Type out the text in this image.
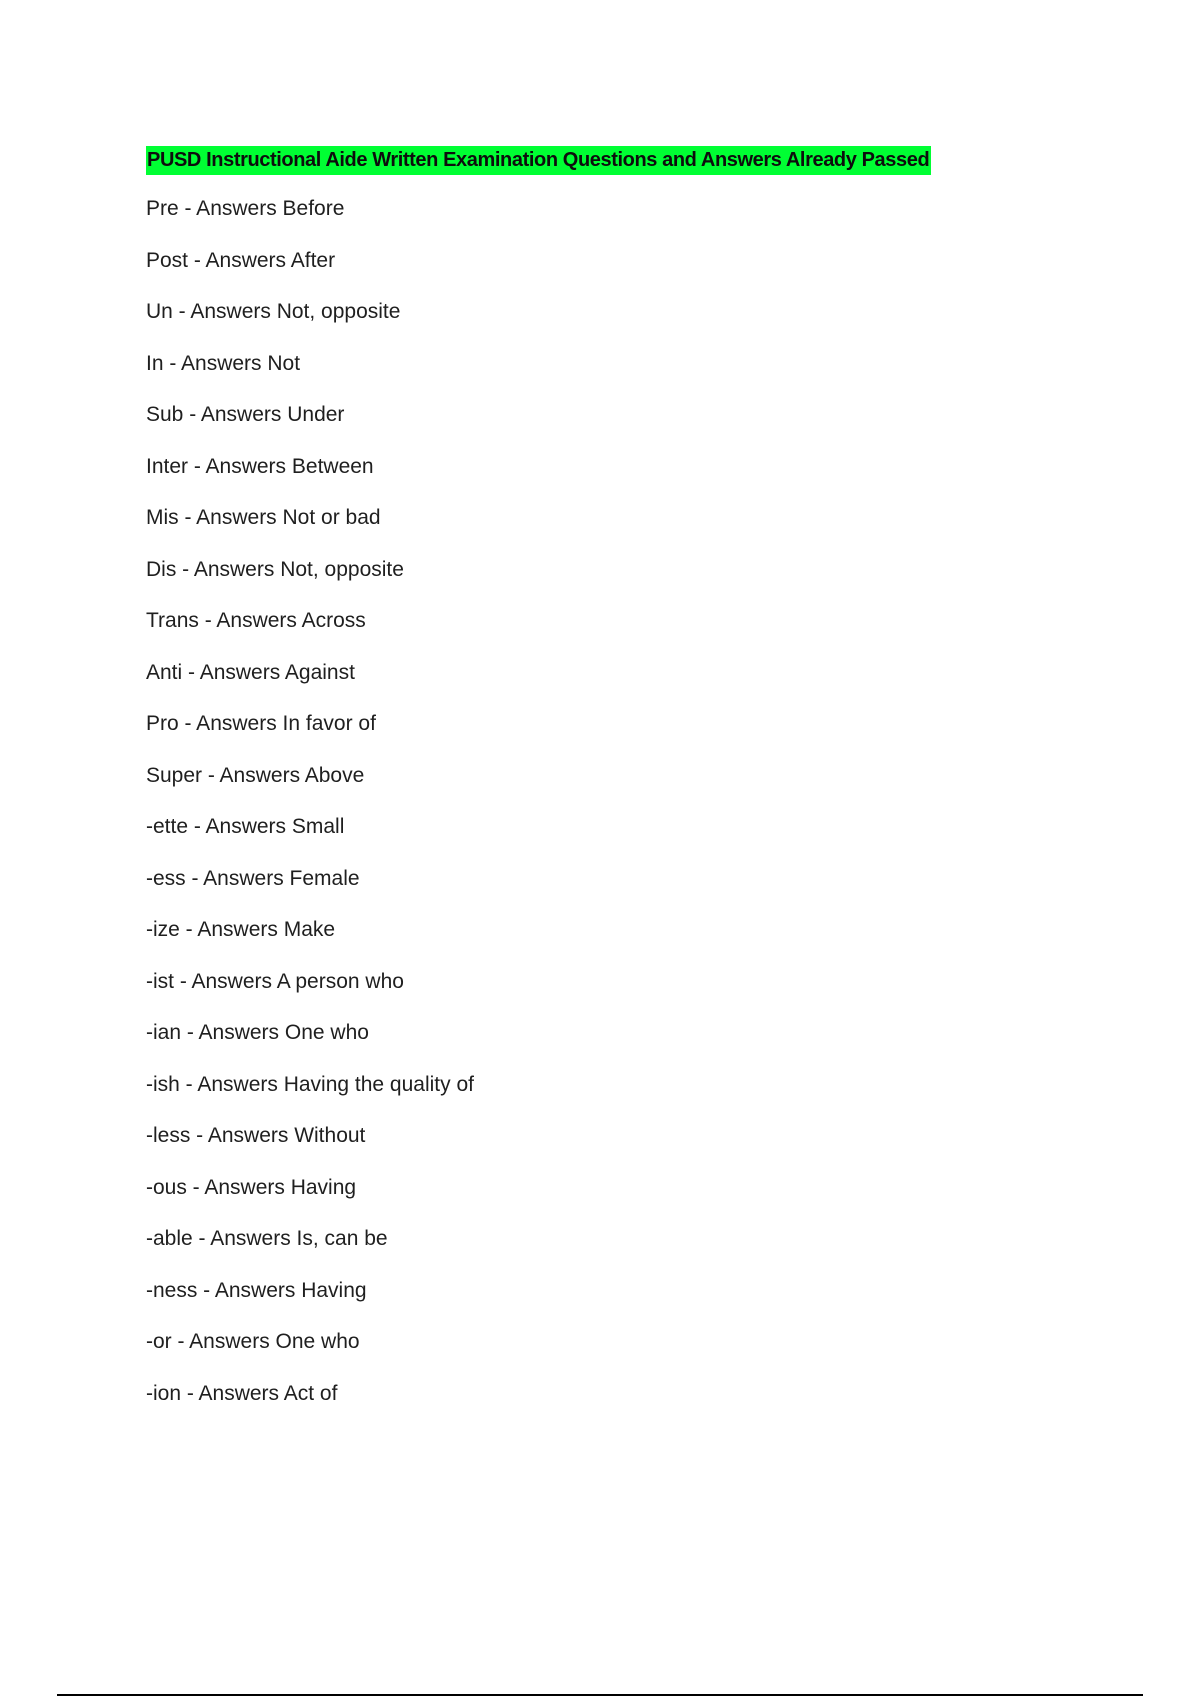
PUSD Instructional Aide Written Examination Questions and Answers Already Passed
Pre - Answers Before
Post - Answers After
Un - Answers Not, opposite
In - Answers Not
Sub - Answers Under
Inter - Answers Between
Mis - Answers Not or bad
Dis - Answers Not, opposite
Trans - Answers Across
Anti - Answers Against
Pro - Answers In favor of
Super - Answers Above
-ette - Answers Small
-ess - Answers Female
-ize - Answers Make
-ist - Answers A person who
-ian - Answers One who
-ish - Answers Having the quality of
-less - Answers Without
-ous - Answers Having
-able - Answers Is, can be
-ness - Answers Having
-or - Answers One who
-ion - Answers Act of
